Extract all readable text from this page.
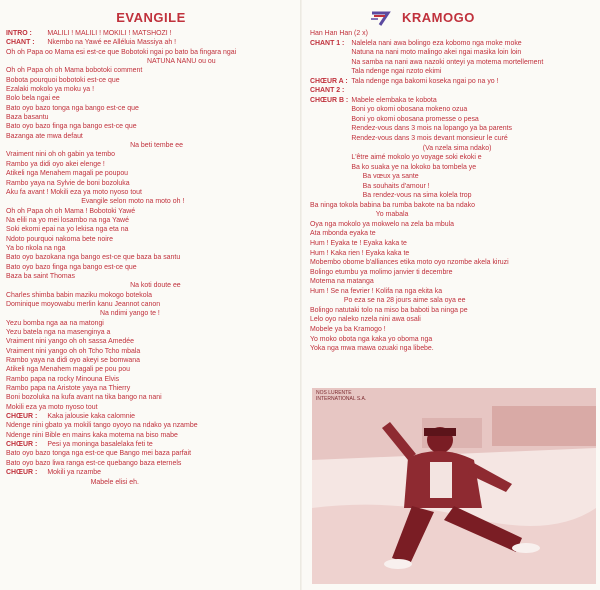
EVANGILE
INTRO : MALILI ! MALILI ! MOKILI ! MATSHOZI !
CHANT : Nkembo na Yawé ee Alléluia Massiya ah !
Oh oh Papa oo Mama esi est-ce que Bobotoki ngai po bato ba fingara ngai
NATUNA NANU ou ou
Oh oh Papa oh oh Mama bobotoki comment
Bobota pourquoi bobotoki est-ce que
Ezalaki mokolo ya moku ya !
Bolo bela ngai ee
Bato oyo bazo tonga nga bango est-ce que
Baza basantu
Bato oyo bazo finga nga bango est-ce que
Bazanga ate mwa defaut
Na beti tembe ee
Vraiment nini oh oh gabin ya tembo
Rambo ya didi oyo akei elenge !
Atikeli nga Menahem magali pe poupou
Rambo yaya na Sylvie de boni bozoluka
Aku fa avant ! Mokili eza ya moto nyoso tout
Evangile selon moto na moto oh !
Oh oh Papa oh oh Mama ! Bobotoki Yawé
Na elili na yo mei losambo na nga Yawé
Soki ekomi epai na yo lekisa nga eta na
Ndoto pourquoi nakoma bete noire
Ya bo nkola na nga
Bato oyo bazokana nga bango est-ce que baza ba santu
Bato oyo bazo finga nga bango est-ce que
Baza ba saint Thomas
Na koti doute ee
Charles shimba babin maziku mokogo botekola
Dominique moyowabu merlin kanu Jeannot canon
Na ndimi yango te !
Yezu bomba nga aa na matongi
Yezu batela nga na masenginya a
Vraiment nini yango oh oh sassa Amedée
Vraiment nini yango oh oh Tcho Tcho mbala
Rambo yaya na didi oyo akeyi se bomwana
Atikeli nga Menahem magali pe pou pou
Rambo papa na rocky Minouna Elvis
Rambo papa na Aristote yaya na Thierry
Boni bozoluka na kufa avant na tika bango na nani
Mokili eza ya moto nyoso tout
CHŒUR : Kaka jalousie kaka calomnie
Ndenge nini gbato ya mokili tango oyoyo na ndako ya nzambe
Ndenge nini Bible en mains kaka motema na biso mabe
CHŒUR : Pesi ya moninga basalelaka feti te
Bato oyo bazo tonga nga est-ce que Bango mei baza parfait
Bato oyo bazo liwa ranga est-ce quebango baza eternels
CHŒUR : Mokili ya nzambe
Mabele elisi eh.
KRAMOGO
Han Han Han (2 x)
CHANT 1 : Nalelela nani awa bolingo eza kobomo nga moke moke
Natuna na nani moto malingo akei ngai masika loin loin
Na samba na nani awa nazoki onteyi ya motema mortellement
Tala ndenge ngai nzoto ekimi
CHŒUR A : Tala ndenge nga bakomi koseka ngai po na yo !
CHANT 2 :
CHŒUR B : Mabele elembaka te kobota
Boni yo okomi obosana mokeno ozua
Boni yo okomi obosana promesse o pesa
Rendez-vous dans 3 mois na lopango ya ba parents
Rendez-vous dans 3 mois devant monsieur le curé
(Va nzela sima ndako)
L'être aimé mokolo yo voyage soki ekoki e
Ba ko suaka ye na lokoko ba tombela ye
Ba vœux ya sante
Ba souhaits d'amour !
Ba rendez-vous na sima kolela trop
Ba ninga tokola babina ba rumba bakote na ba ndako
Yo mabala
Oya nga mokolo ya mokwelo na zela ba mbula
Ata mbonda eyaka te
Hum ! Eyaka te ! Eyaka kaka te
Hum ! Kaka rien ! Eyaka kaka te
Mobembo obome b'alliances etika moto oyo nzombe akela kiruzi
Bolingo etumbu ya molimo janvier ti decembre
Motema na matanga
Hum ! Se na fevrier ! Kolifa na nga ekita ka
Po eza se na 28 jours aime sala oya ee
Bolingo natutaki tolo na miso ba baboti ba ninga pe
Lelo oyo naleko nzela nini awa osali
Mobele ya ba Kramogo !
Yo moko obota nga kaka yo oboma nga
Yoka nga mwa mawa ozuaki nga libebe.
NOS LURENTE
INTERNATIONAL S.A.
